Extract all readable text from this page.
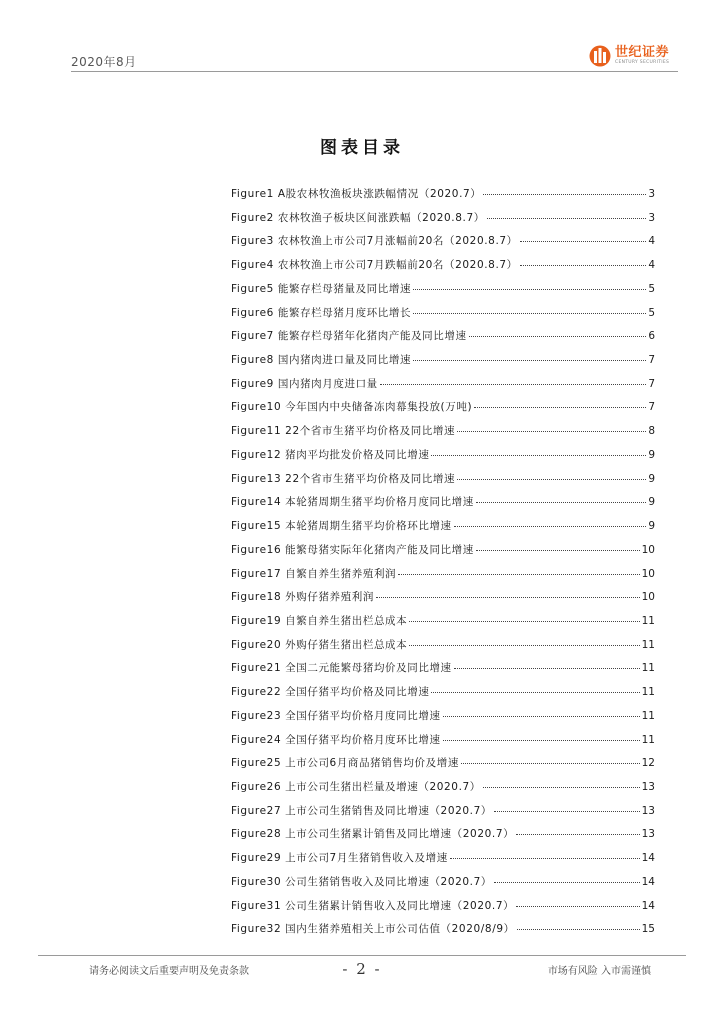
2020年8月
世纪证券
CENTURY SECURITIES
图表目录
Figure1 A股农林牧渔板块涨跌幅情况（2020.7）	3
Figure2 农林牧渔子板块区间涨跌幅（2020.8.7）	3
Figure3 农林牧渔上市公司7月涨幅前20名（2020.8.7）	4
Figure4 农林牧渔上市公司7月跌幅前20名（2020.8.7）	4
Figure5 能繁存栏母猪量及同比增速	5
Figure6 能繁存栏母猪月度环比增长	5
Figure7 能繁存栏母猪年化猪肉产能及同比增速	6
Figure8 国内猪肉进口量及同比增速	7
Figure9 国内猪肉月度进口量	7
Figure10 今年国内中央储备冻肉幕集投放(万吨)	7
Figure11 22个省市生猪平均价格及同比增速	8
Figure12 猪肉平均批发价格及同比增速	9
Figure13 22个省市生猪平均价格及同比增速	9
Figure14 本轮猪周期生猪平均价格月度同比增速	9
Figure15 本轮猪周期生猪平均价格环比增速	9
Figure16 能繁母猪实际年化猪肉产能及同比增速	10
Figure17 自繁自养生猪养殖利润	10
Figure18 外购仔猪养殖利润	10
Figure19 自繁自养生猪出栏总成本	11
Figure20 外购仔猪生猪出栏总成本	11
Figure21 全国二元能繁母猪均价及同比增速	11
Figure22 全国仔猪平均价格及同比增速	11
Figure23 全国仔猪平均价格月度同比增速	11
Figure24 全国仔猪平均价格月度环比增速	11
Figure25 上市公司6月商品猪销售均价及增速	12
Figure26 上市公司生猪出栏量及增速（2020.7）	13
Figure27 上市公司生猪销售及同比增速（2020.7）	13
Figure28 上市公司生猪累计销售及同比增速（2020.7）	13
Figure29 上市公司7月生猪销售收入及增速	14
Figure30 公司生猪销售收入及同比增速（2020.7）	14
Figure31 公司生猪累计销售收入及同比增速（2020.7）	14
Figure32 国内生猪养殖相关上市公司估值（2020/8/9）	15
请务必阅读文后重要声明及免责条款	- 2 -	市场有风险 入市需谨慎
